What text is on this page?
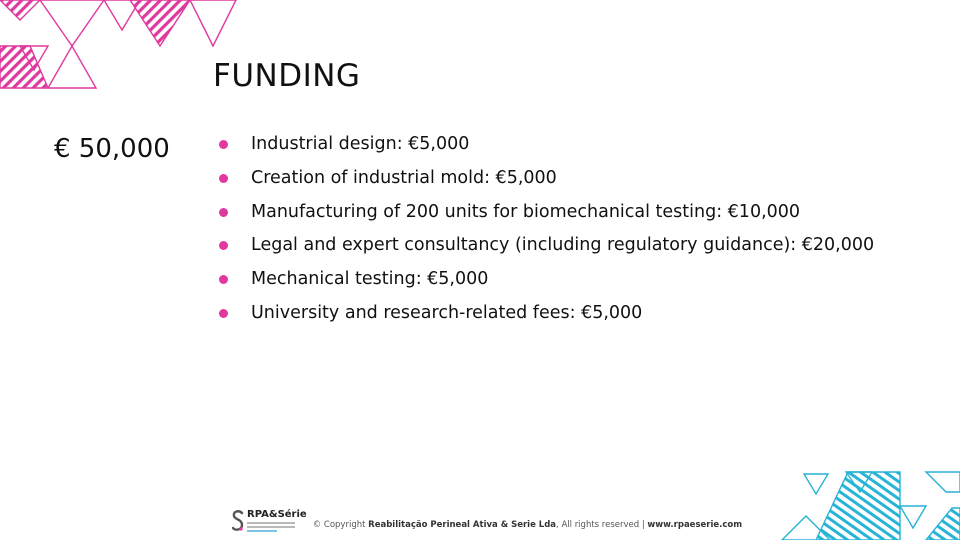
FUNDING
€ 50,000	Industrial design: €5,000
Creation of industrial mold: €5,000
Manufacturing of 200 units for biomechanical testing: €10,000
Legal and expert consultancy (including regulatory guidance): €20,000
Mechanical testing: €5,000
University and research-related fees: €5,000
RPA&Série
© Copyright Reabilitação Perineal Ativa & Serie Lda, All rights reserved | www.rpaeserie.com
